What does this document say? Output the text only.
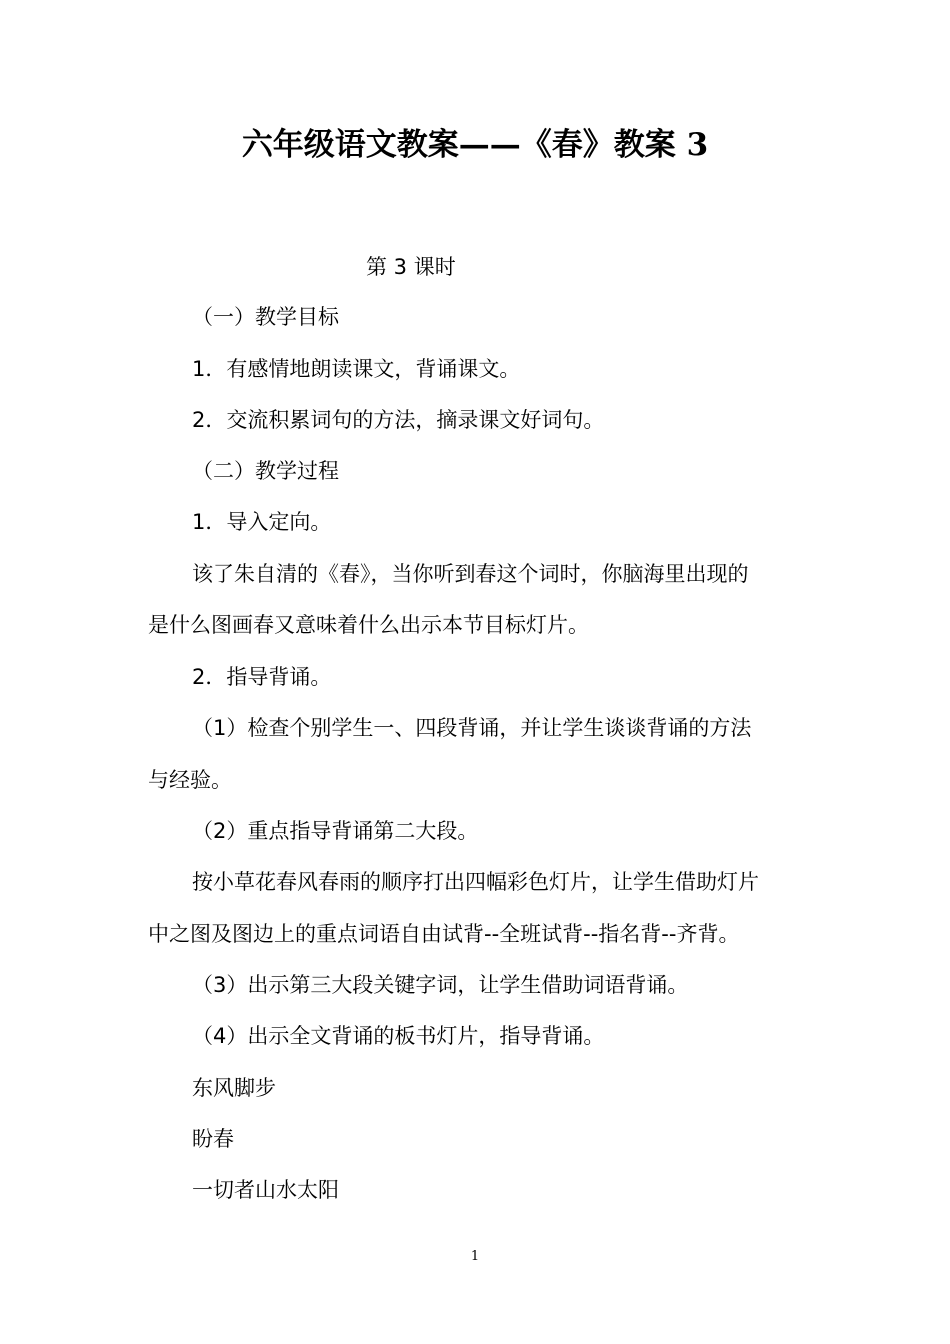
六年级语文教案——《春》教案 3
第 3 课时
（一）教学目标
1．有感情地朗读课文，背诵课文。
2．交流积累词句的方法，摘录课文好词句。
（二）教学过程
1．导入定向。
该了朱自清的《春》，当你听到春这个词时，你脑海里出现的
是什么图画春又意味着什么出示本节目标灯片。
2．指导背诵。
（1）检查个别学生一、四段背诵，并让学生谈谈背诵的方法
与经验。
（2）重点指导背诵第二大段。
按小草花春风春雨的顺序打出四幅彩色灯片，让学生借助灯片
中之图及图边上的重点词语自由试背--全班试背--指名背--齐背。
（3）出示第三大段关键字词，让学生借助词语背诵。
（4）出示全文背诵的板书灯片，指导背诵。
东风脚步
盼春
一切者山水太阳
1
